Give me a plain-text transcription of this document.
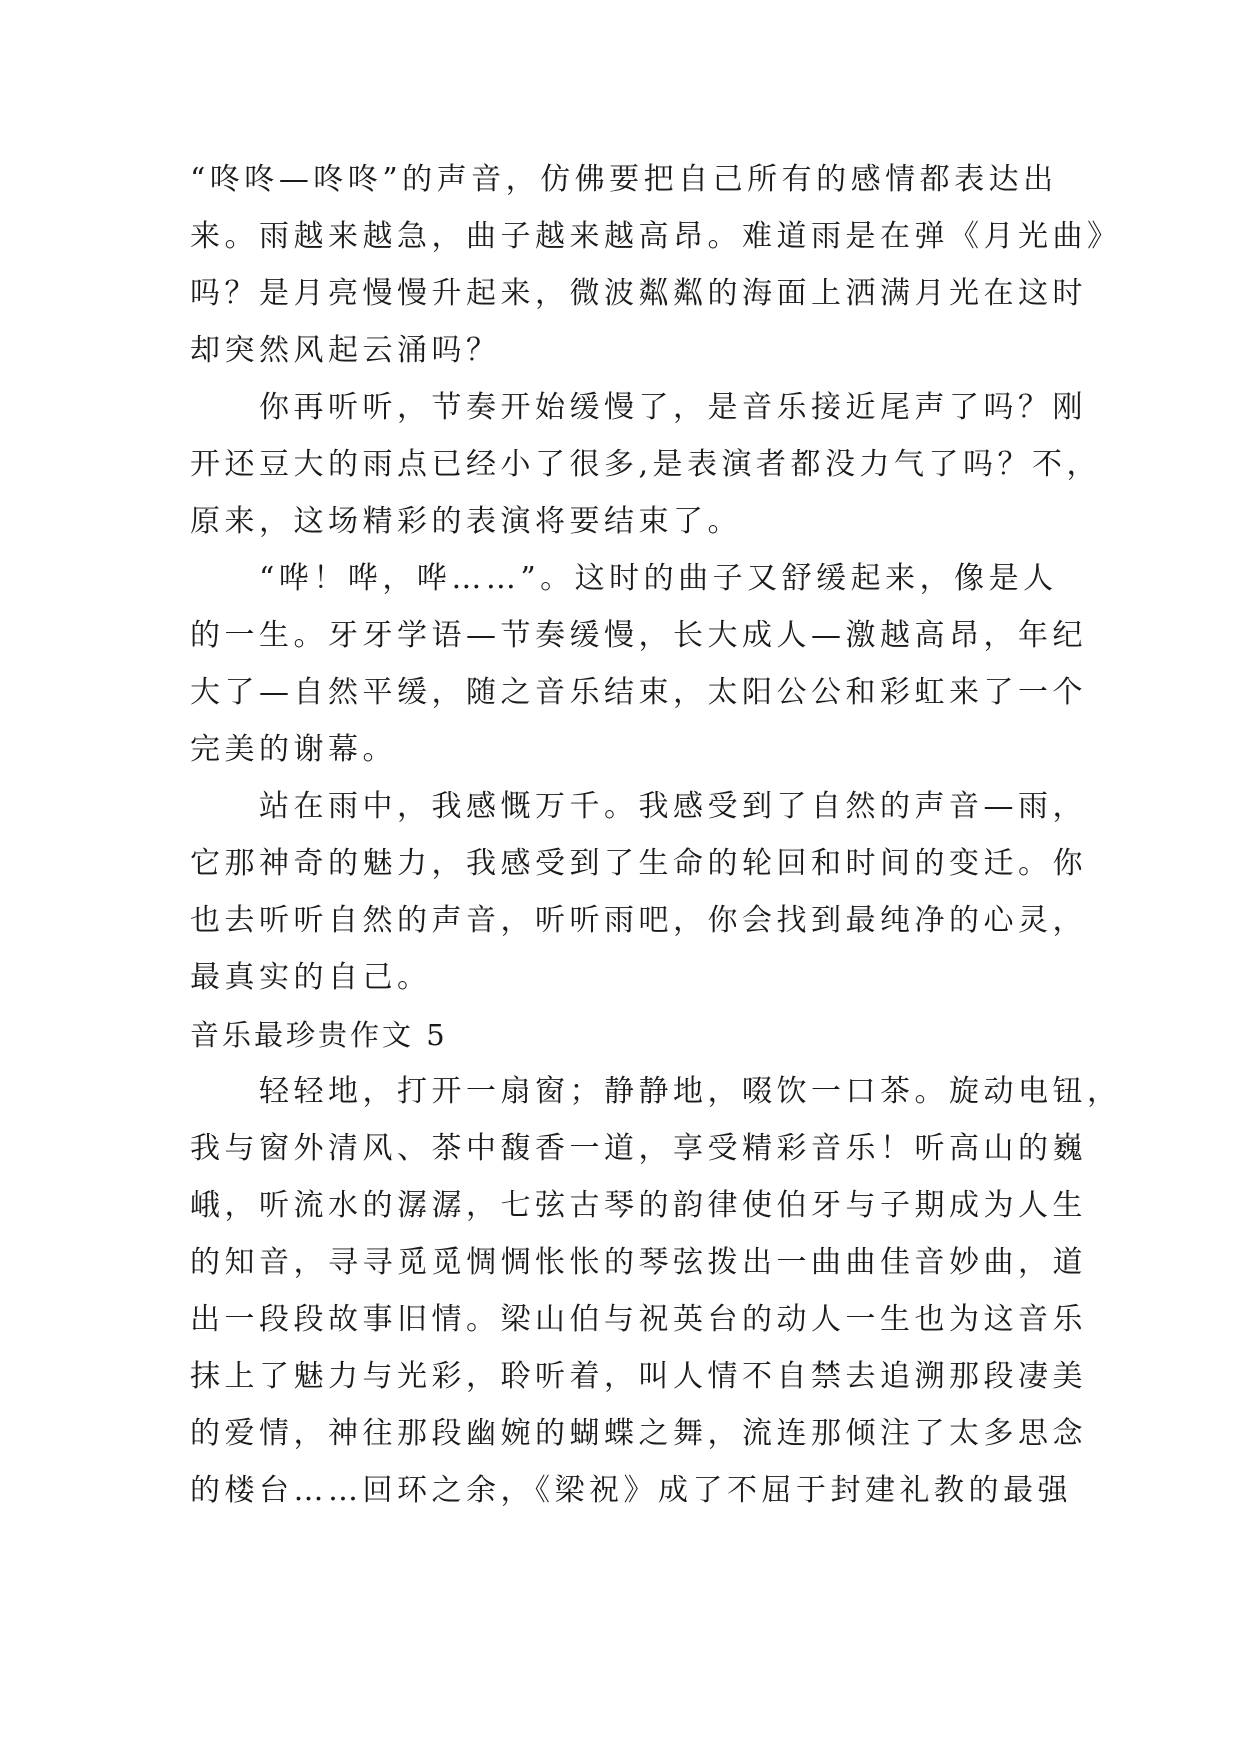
“咚咚—咚咚”的声音，仿佛要把自己所有的感情都表达出
来。雨越来越急，曲子越来越高昂。难道雨是在弹《月光曲》
吗？是月亮慢慢升起来，微波粼粼的海面上洒满月光在这时
却突然风起云涌吗？
　　你再听听，节奏开始缓慢了，是音乐接近尾声了吗？刚
开还豆大的雨点已经小了很多,是表演者都没力气了吗？不，
原来，这场精彩的表演将要结束了。
　　“哗！哗，哗……”。这时的曲子又舒缓起来，像是人
的一生。牙牙学语—节奏缓慢，长大成人—激越高昂，年纪
大了—自然平缓，随之音乐结束，太阳公公和彩虹来了一个
完美的谢幕。
　　站在雨中，我感慨万千。我感受到了自然的声音—雨，
它那神奇的魅力，我感受到了生命的轮回和时间的变迁。你
也去听听自然的声音，听听雨吧，你会找到最纯净的心灵，
最真实的自己。
音乐最珍贵作文 5
　　轻轻地，打开一扇窗；静静地，啜饮一口茶。旋动电钮，
我与窗外清风、茶中馥香一道，享受精彩音乐！听高山的巍
峨，听流水的潺潺，七弦古琴的韵律使伯牙与子期成为人生
的知音，寻寻觅觅惆惆怅怅的琴弦拨出一曲曲佳音妙曲，道
出一段段故事旧情。梁山伯与祝英台的动人一生也为这音乐
抹上了魅力与光彩，聆听着，叫人情不自禁去追溯那段凄美
的爱情，神往那段幽婉的蝴蝶之舞，流连那倾注了太多思念
的楼台……回环之余，《梁祝》成了不屈于封建礼教的最强
